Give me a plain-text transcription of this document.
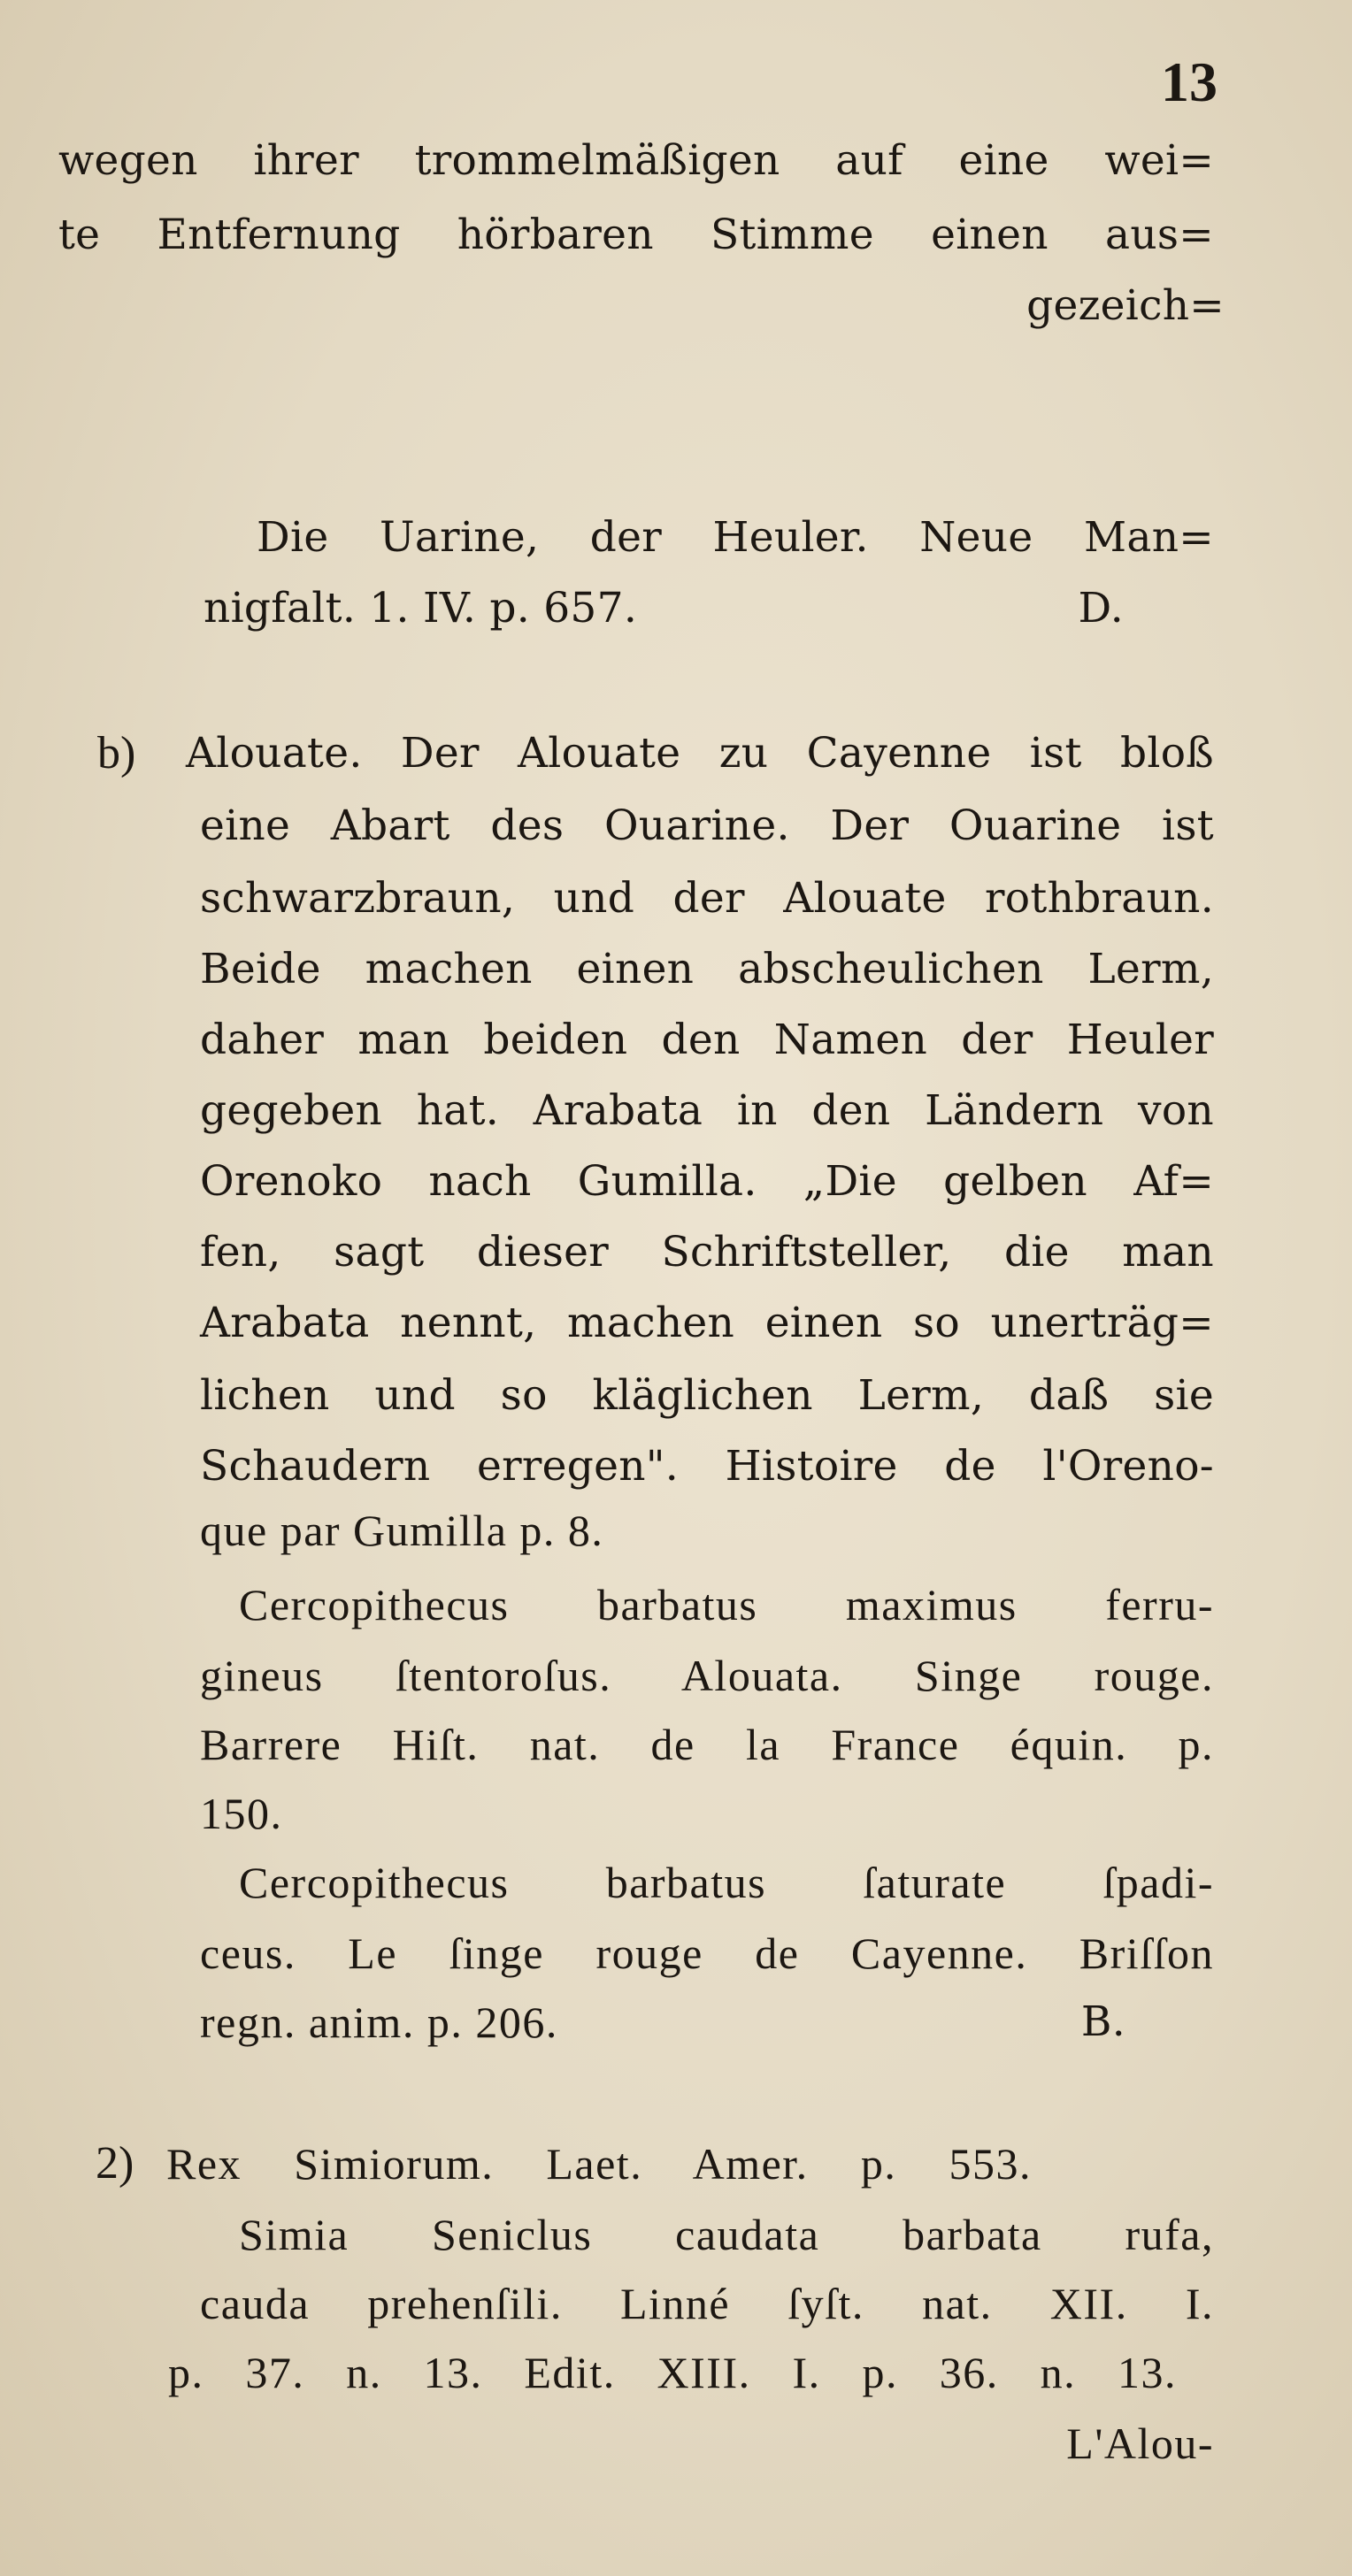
13
wegen ihrer trommelmäßigen auf eine wei=
te Entfernung hörbaren Stimme einen aus=
gezeich=
Die Uarine, der Heuler. Neue Man=
nigfalt. 1. IV. p. 657.	D.
b) Alouate. Der Alouate zu Cayenne ist bloß
eine Abart des Ouarine. Der Ouarine ist
schwarzbraun, und der Alouate rothbraun.
Beide machen einen abscheulichen Lerm,
daher man beiden den Namen der Heuler
gegeben hat. Arabata in den Ländern von
Orenoko nach Gumilla. „Die gelben Af=
fen, sagt dieser Schriftsteller, die man
Arabata nennt, machen einen so unerträg=
lichen und so kläglichen Lerm, daß sie
Schaudern erregen". Histoire de l'Oreno-
que par Gumilla p. 8.
Cercopithecus barbatus maximus ferru-
gineus ſtentoroſus. Alouata. Singe rouge.
Barrere Hiſt. nat. de la France équin. p.
150.
Cercopithecus barbatus ſaturate ſpadi-
ceus. Le ſinge rouge de Cayenne. Briſſon
regn. anim. p. 206.	B.
2) Rex Simiorum. Laet. Amer. p. 553.
Simia Seniclus caudata barbata rufa,
cauda prehenſili. Linné ſyſt. nat. XII. I.
p. 37. n. 13. Edit. XIII. I. p. 36. n. 13.
L'Alou-
